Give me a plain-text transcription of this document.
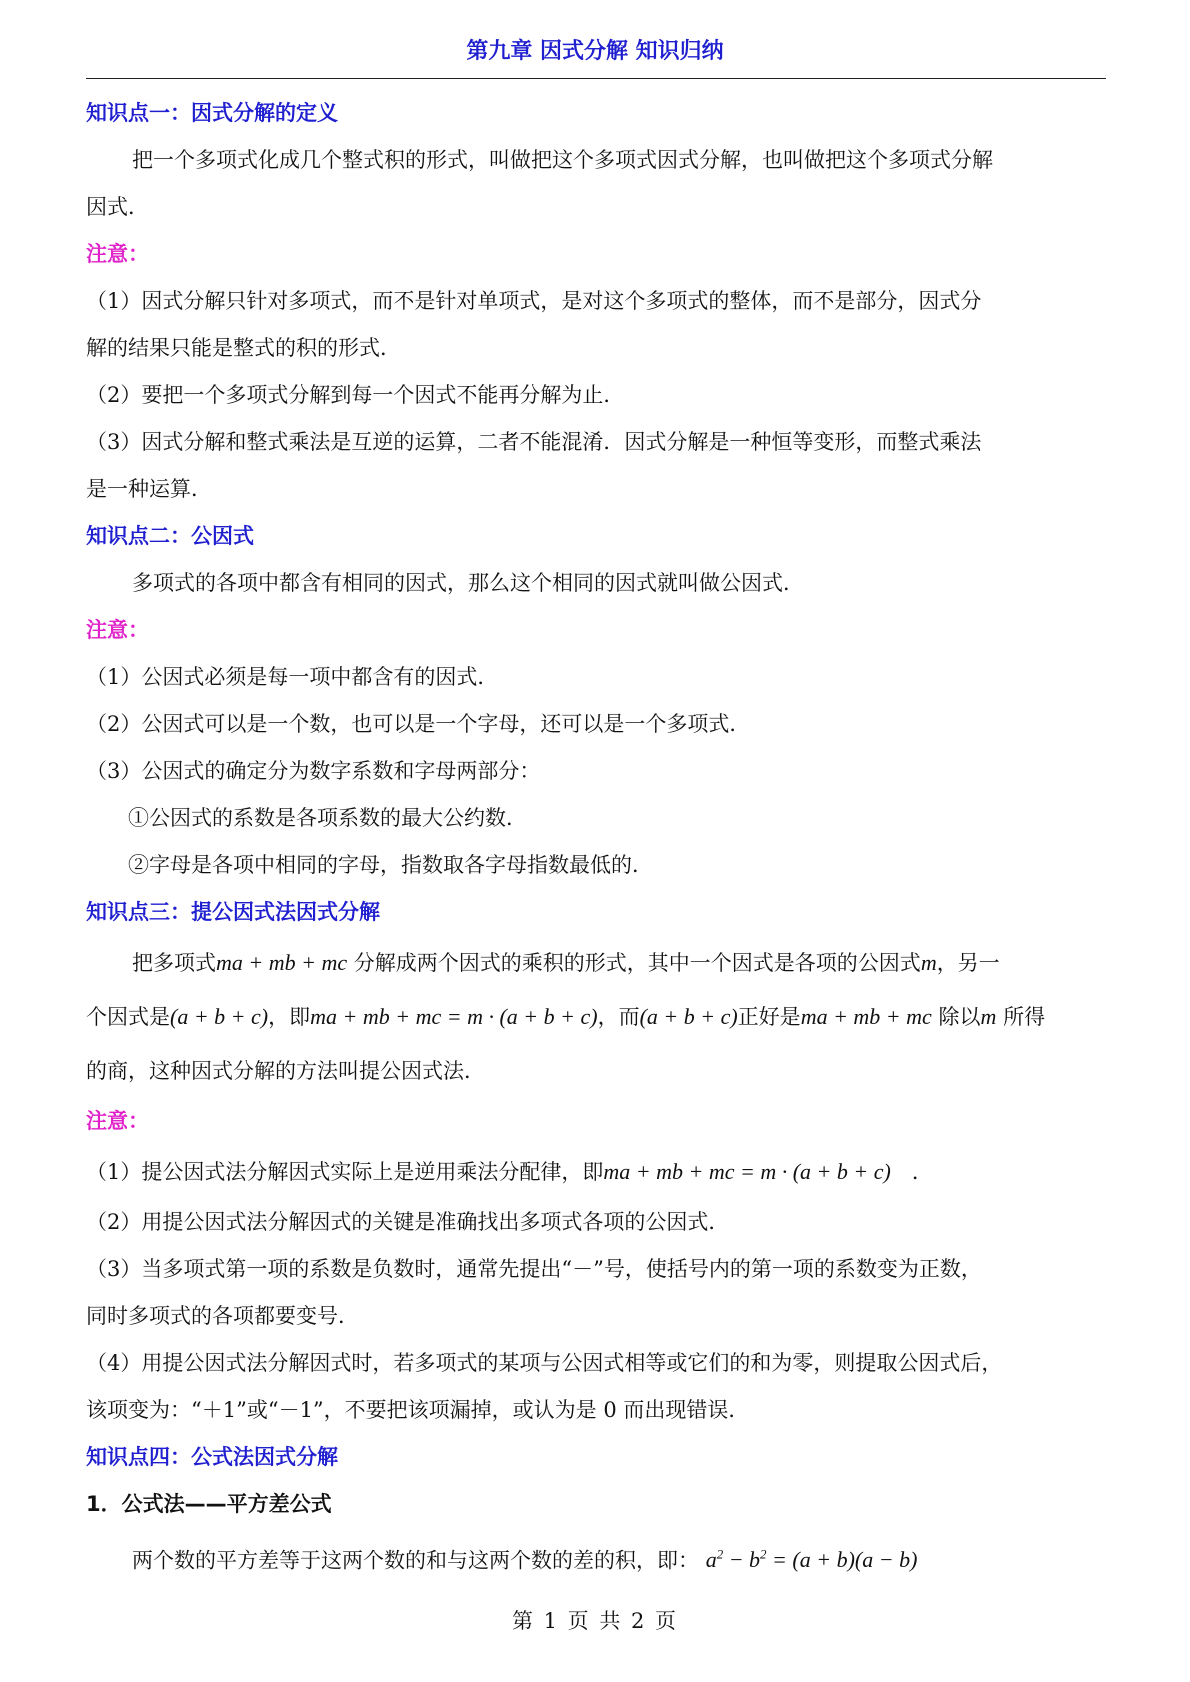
第九章 因式分解 知识归纳
知识点一：因式分解的定义
把一个多项式化成几个整式积的形式，叫做把这个多项式因式分解，也叫做把这个多项式分解
因式．
注意：
（1）因式分解只针对多项式，而不是针对单项式，是对这个多项式的整体，而不是部分，因式分
解的结果只能是整式的积的形式．
（2）要把一个多项式分解到每一个因式不能再分解为止．
（3）因式分解和整式乘法是互逆的运算，二者不能混淆．因式分解是一种恒等变形，而整式乘法
是一种运算．
知识点二：公因式
多项式的各项中都含有相同的因式，那么这个相同的因式就叫做公因式．
注意：
（1）公因式必须是每一项中都含有的因式．
（2）公因式可以是一个数，也可以是一个字母，还可以是一个多项式．
（3）公因式的确定分为数字系数和字母两部分：
①公因式的系数是各项系数的最大公约数．
②字母是各项中相同的字母，指数取各字母指数最低的．
知识点三：提公因式法因式分解
把多项式ma + mb + mc 分解成两个因式的乘积的形式，其中一个因式是各项的公因式m，另一
个因式是(a + b + c)，即ma + mb + mc = m · (a + b + c)，而(a + b + c)正好是ma + mb + mc 除以m 所得
的商，这种因式分解的方法叫提公因式法．
注意：
（1）提公因式法分解因式实际上是逆用乘法分配律，即ma + mb + mc = m · (a + b + c)　．
（2）用提公因式法分解因式的关键是准确找出多项式各项的公因式．
（3）当多项式第一项的系数是负数时，通常先提出“－”号，使括号内的第一项的系数变为正数，
同时多项式的各项都要变号．
（4）用提公因式法分解因式时，若多项式的某项与公因式相等或它们的和为零，则提取公因式后，
该项变为：“＋1”或“－1”，不要把该项漏掉，或认为是 0 而出现错误．
知识点四：公式法因式分解
1．公式法——平方差公式
两个数的平方差等于这两个数的和与这两个数的差的积，即： $a^2 - b^2 = (a + b)(a - b)$
第 1 页 共 2 页
